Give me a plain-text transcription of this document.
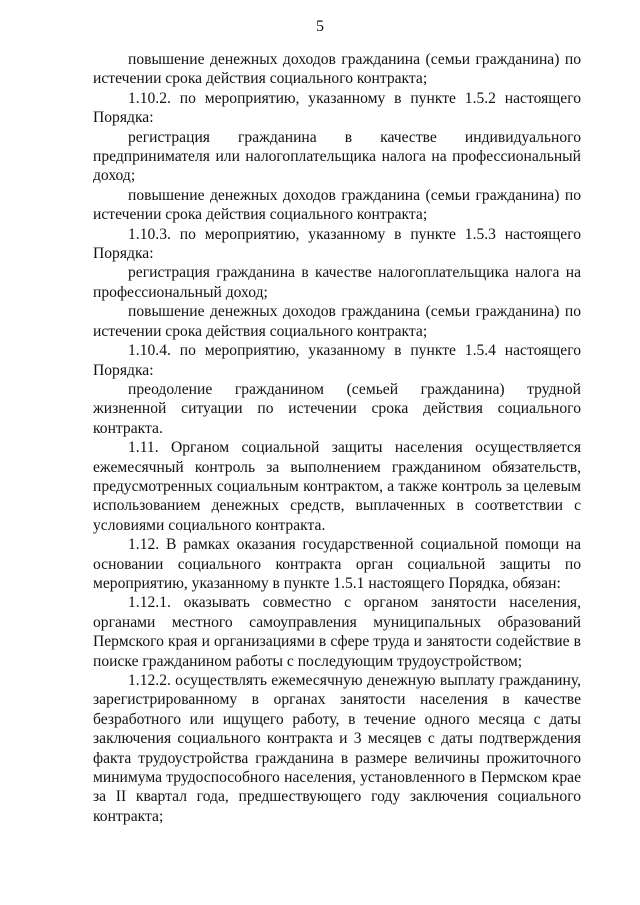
5

повышение денежных доходов гражданина (семьи гражданина) по истечении срока действия социального контракта;

1.10.2. по мероприятию, указанному в пункте 1.5.2 настоящего Порядка:

регистрация гражданина в качестве индивидуального предпринимателя или налогоплательщика налога на профессиональный доход;

повышение денежных доходов гражданина (семьи гражданина) по истечении срока действия социального контракта;

1.10.3. по мероприятию, указанному в пункте 1.5.3 настоящего Порядка:

регистрация гражданина в качестве налогоплательщика налога на профессиональный доход;

повышение денежных доходов гражданина (семьи гражданина) по истечении срока действия социального контракта;

1.10.4. по мероприятию, указанному в пункте 1.5.4 настоящего Порядка:

преодоление гражданином (семьей гражданина) трудной жизненной ситуации по истечении срока действия социального контракта.

1.11. Органом социальной защиты населения осуществляется ежемесячный контроль за выполнением гражданином обязательств, предусмотренных социальным контрактом, а также контроль за целевым использованием денежных средств, выплаченных в соответствии с условиями социального контракта.

1.12. В рамках оказания государственной социальной помощи на основании социального контракта орган социальной защиты по мероприятию, указанному в пункте 1.5.1 настоящего Порядка, обязан:

1.12.1. оказывать совместно с органом занятости населения, органами местного самоуправления муниципальных образований Пермского края и организациями в сфере труда и занятости содействие в поиске гражданином работы с последующим трудоустройством;

1.12.2. осуществлять ежемесячную денежную выплату гражданину, зарегистрированному в органах занятости населения в качестве безработного или ищущего работу, в течение одного месяца с даты заключения социального контракта и 3 месяцев с даты подтверждения факта трудоустройства гражданина в размере величины прожиточного минимума трудоспособного населения, установленного в Пермском крае за II квартал года, предшествующего году заключения социального контракта;
